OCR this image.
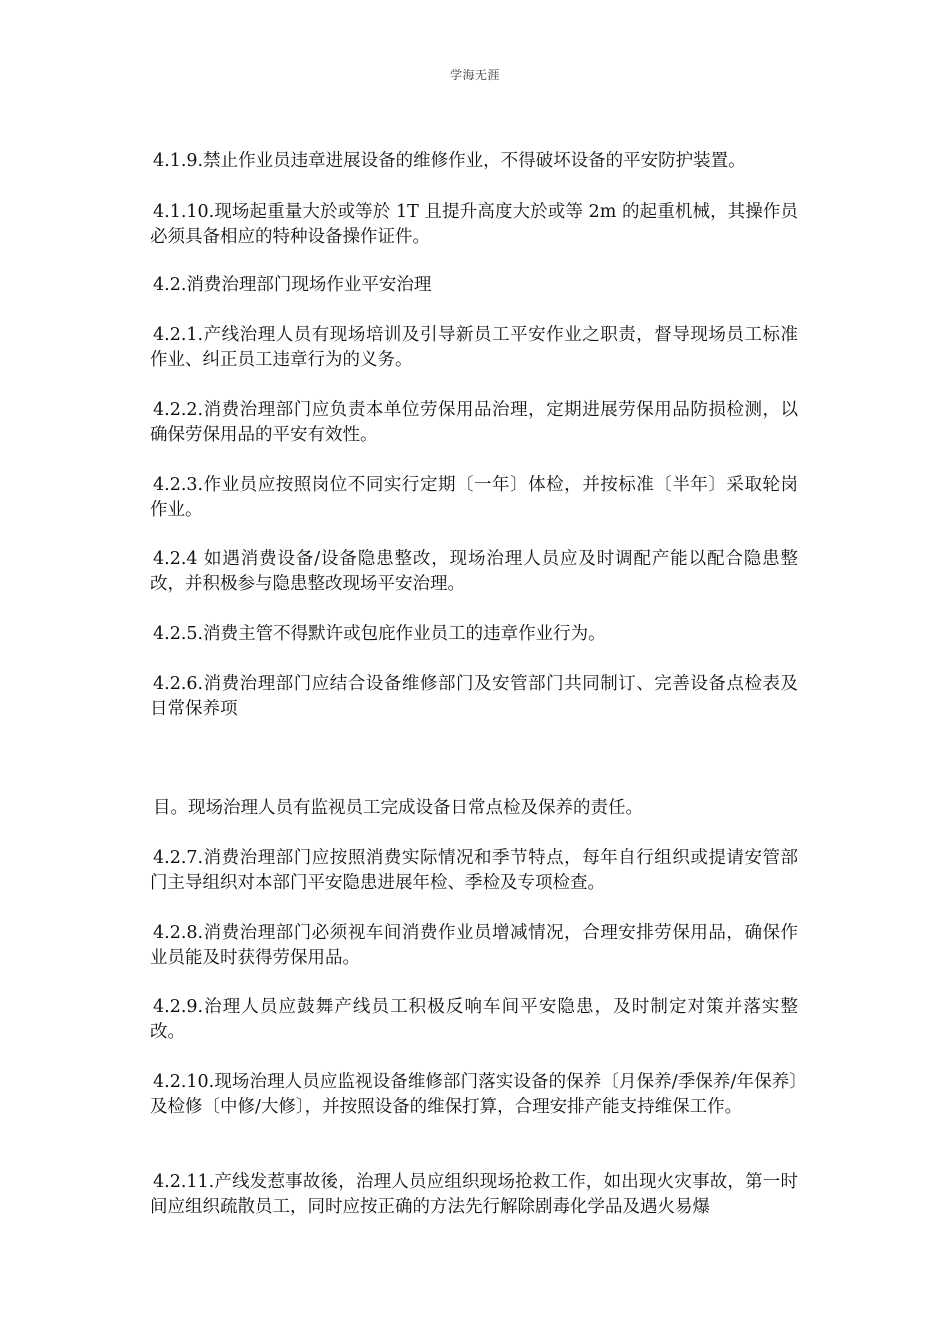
学海无涯

4.1.9.禁止作业员违章进展设备的维修作业，不得破坏设备的平安防护装置。

4.1.10.现场起重量大於或等於 1T 且提升高度大於或等 2m 的起重机械，其操作员必须具备相应的特种设备操作证件。

4.2.消费治理部门现场作业平安治理

4.2.1.产线治理人员有现场培训及引导新员工平安作业之职责，督导现场员工标准作业、纠正员工违章行为的义务。

4.2.2.消费治理部门应负责本单位劳保用品治理，定期进展劳保用品防损检测，以确保劳保用品的平安有效性。

4.2.3.作业员应按照岗位不同实行定期〔一年〕体检，并按标准〔半年〕采取轮岗作业。

4.2.4 如遇消费设备/设备隐患整改，现场治理人员应及时调配产能以配合隐患整改，并积极参与隐患整改现场平安治理。

4.2.5.消费主管不得默许或包庇作业员工的违章作业行为。

4.2.6.消费治理部门应结合设备维修部门及安管部门共同制订、完善设备点检表及日常保养项

目。现场治理人员有监视员工完成设备日常点检及保养的责任。

4.2.7.消费治理部门应按照消费实际情况和季节特点，每年自行组织或提请安管部门主导组织对本部门平安隐患进展年检、季检及专项检查。

4.2.8.消费治理部门必须视车间消费作业员增减情况，合理安排劳保用品，确保作业员能及时获得劳保用品。

4.2.9.治理人员应鼓舞产线员工积极反响车间平安隐患，及时制定对策并落实整改。

4.2.10.现场治理人员应监视设备维修部门落实设备的保养〔月保养/季保养/年保养〕及检修〔中修/大修〕，并按照设备的维保打算，合理安排产能支持维保工作。

4.2.11.产线发惹事故後，治理人员应组织现场抢救工作，如出现火灾事故，第一时间应组织疏散员工，同时应按正确的方法先行解除剧毒化学品及遇火易爆
